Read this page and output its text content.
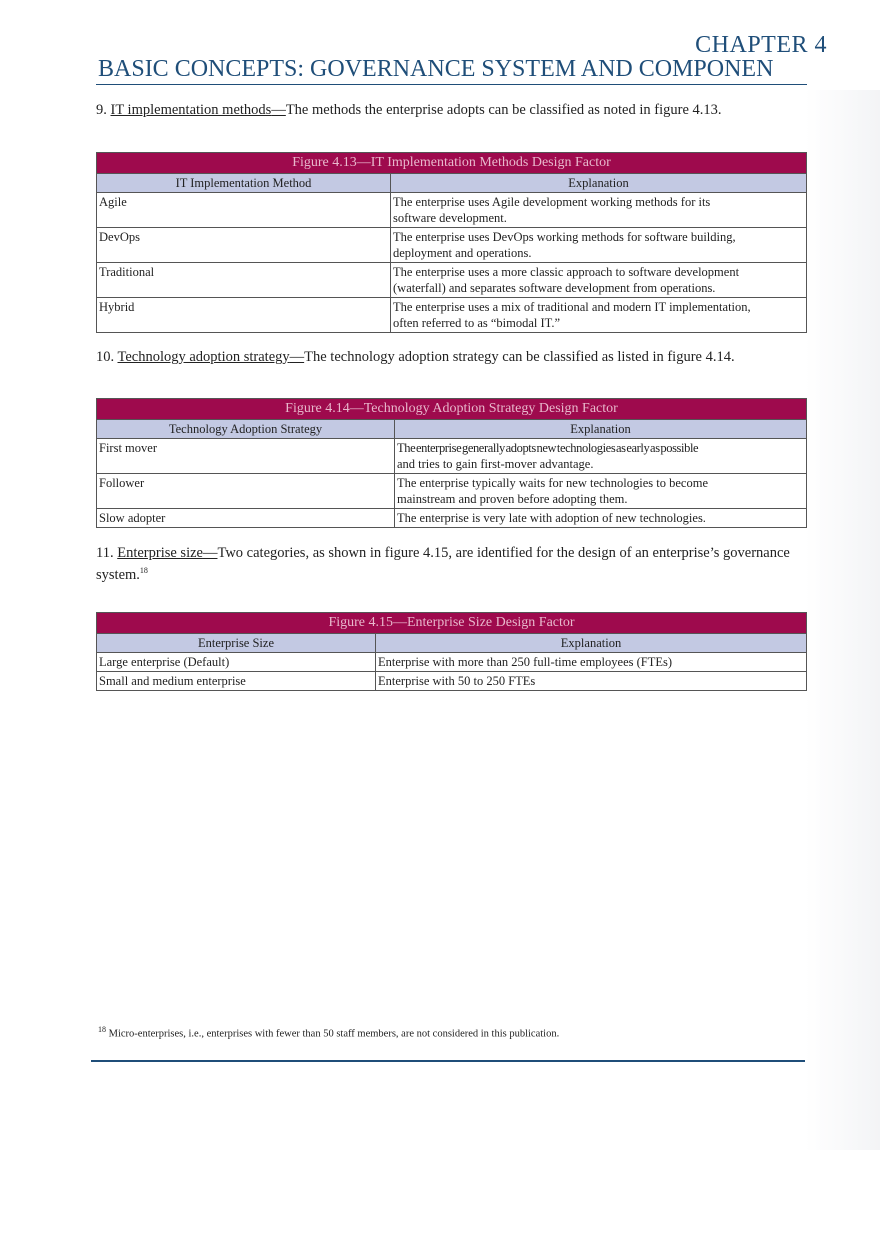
CHAPTER 4
BASIC CONCEPTS: GOVERNANCE SYSTEM AND COMPONEN

9. IT implementation methods—The methods the enterprise adopts can be classified as noted in figure 4.13.

Figure 4.13—IT Implementation Methods Design Factor	
IT Implementation Method	Explanation
Agile	The enterprise uses Agile development working methods for its
software development.
DevOps	The enterprise uses DevOps working methods for software building,
deployment and operations.
Traditional	The enterprise uses a more classic approach to software development
(waterfall) and separates software development from operations.
Hybrid	The enterprise uses a mix of traditional and modern IT implementation,
often referred to as “bimodal IT.”

10. Technology adoption strategy—The technology adoption strategy can be classified as listed in figure 4.14.

Figure 4.14—Technology Adoption Strategy Design Factor	
Technology Adoption Strategy	Explanation
First mover	The enterprise generally adopts new technologies as early as possible
and tries to gain first-mover advantage.
Follower	The enterprise typically waits for new technologies to become
mainstream and proven before adopting them.
Slow adopter	The enterprise is very late with adoption of new technologies.

11. Enterprise size—Two categories, as shown in figure 4.15, are identified for the design of an enterprise’s governance system.$^{18}$

Figure 4.15—Enterprise Size Design Factor	
Enterprise Size	Explanation
Large enterprise (Default)	Enterprise with more than 250 full-time employees (FTEs)
Small and medium enterprise	Enterprise with 50 to 250 FTEs

$^{18}$ Micro-enterprises, i.e., enterprises with fewer than 50 staff members, are not considered in this publication.
